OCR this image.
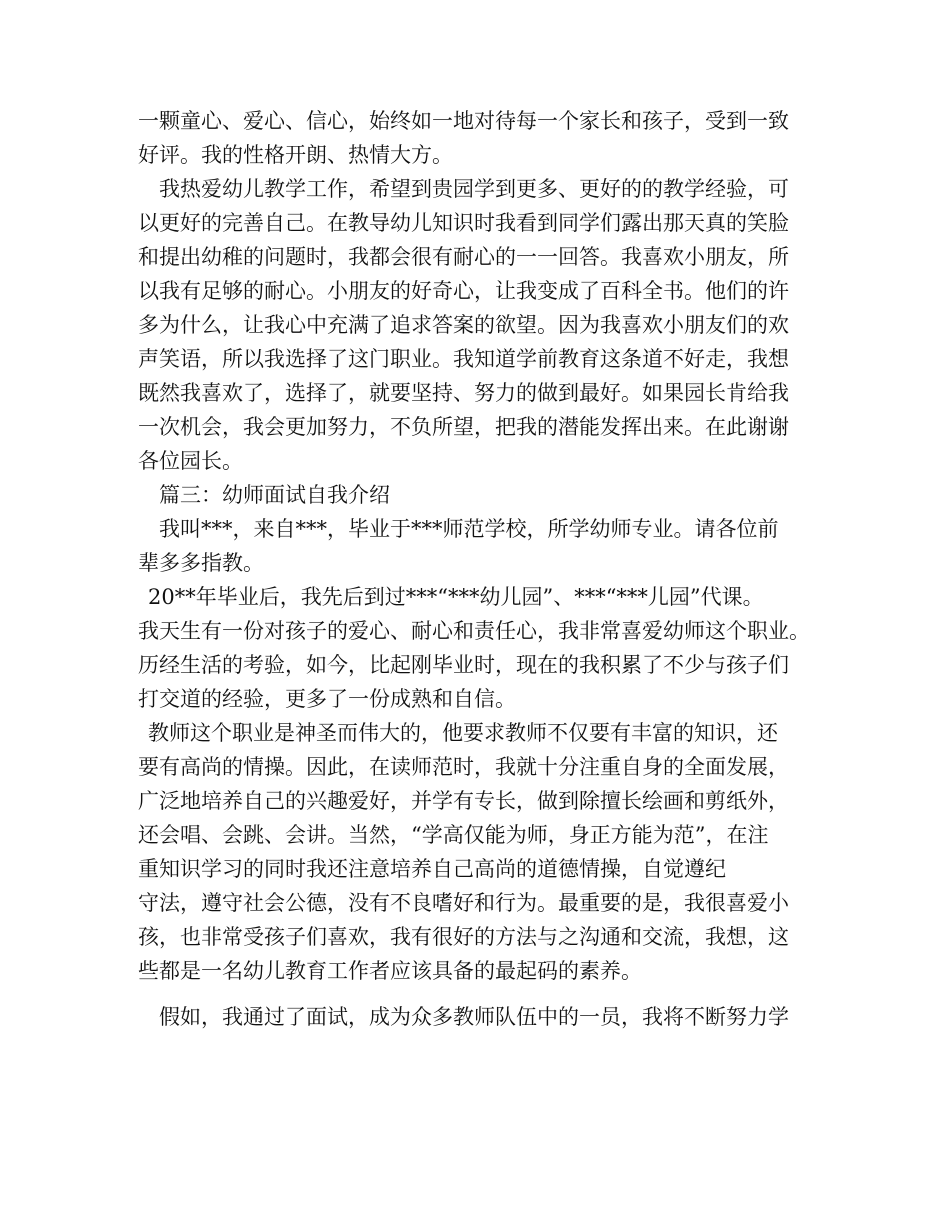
一颗童心、爱心、信心，始终如一地对待每一个家长和孩子，受到一致
好评。我的性格开朗、热情大方。
我热爱幼儿教学工作，希望到贵园学到更多、更好的的教学经验，可
以更好的完善自己。在教导幼儿知识时我看到同学们露出那天真的笑脸
和提出幼稚的问题时，我都会很有耐心的一一回答。我喜欢小朋友，所
以我有足够的耐心。小朋友的好奇心，让我变成了百科全书。他们的许
多为什么，让我心中充满了追求答案的欲望。因为我喜欢小朋友们的欢
声笑语，所以我选择了这门职业。我知道学前教育这条道不好走，我想
既然我喜欢了，选择了，就要坚持、努力的做到最好。如果园长肯给我
一次机会，我会更加努力，不负所望，把我的潜能发挥出来。在此谢谢
各位园长。
篇三：幼师面试自我介绍
我叫***，来自***，毕业于***师范学校，所学幼师专业。请各位前
辈多多指教。
20**年毕业后，我先后到过***“***幼儿园”、***“***儿园”代课。
我天生有一份对孩子的爱心、耐心和责任心，我非常喜爱幼师这个职业。
历经生活的考验，如今，比起刚毕业时，现在的我积累了不少与孩子们
打交道的经验，更多了一份成熟和自信。
教师这个职业是神圣而伟大的，他要求教师不仅要有丰富的知识，还
要有高尚的情操。因此，在读师范时，我就十分注重自身的全面发展，
广泛地培养自己的兴趣爱好，并学有专长，做到除擅长绘画和剪纸外，
还会唱、会跳、会讲。当然，“学高仅能为师，身正方能为范”，在注
重知识学习的同时我还注意培养自己高尚的道德情操，自觉遵纪
守法，遵守社会公德，没有不良嗜好和行为。最重要的是，我很喜爱小
孩，也非常受孩子们喜欢，我有很好的方法与之沟通和交流，我想，这
些都是一名幼儿教育工作者应该具备的最起码的素养。
假如，我通过了面试，成为众多教师队伍中的一员，我将不断努力学
